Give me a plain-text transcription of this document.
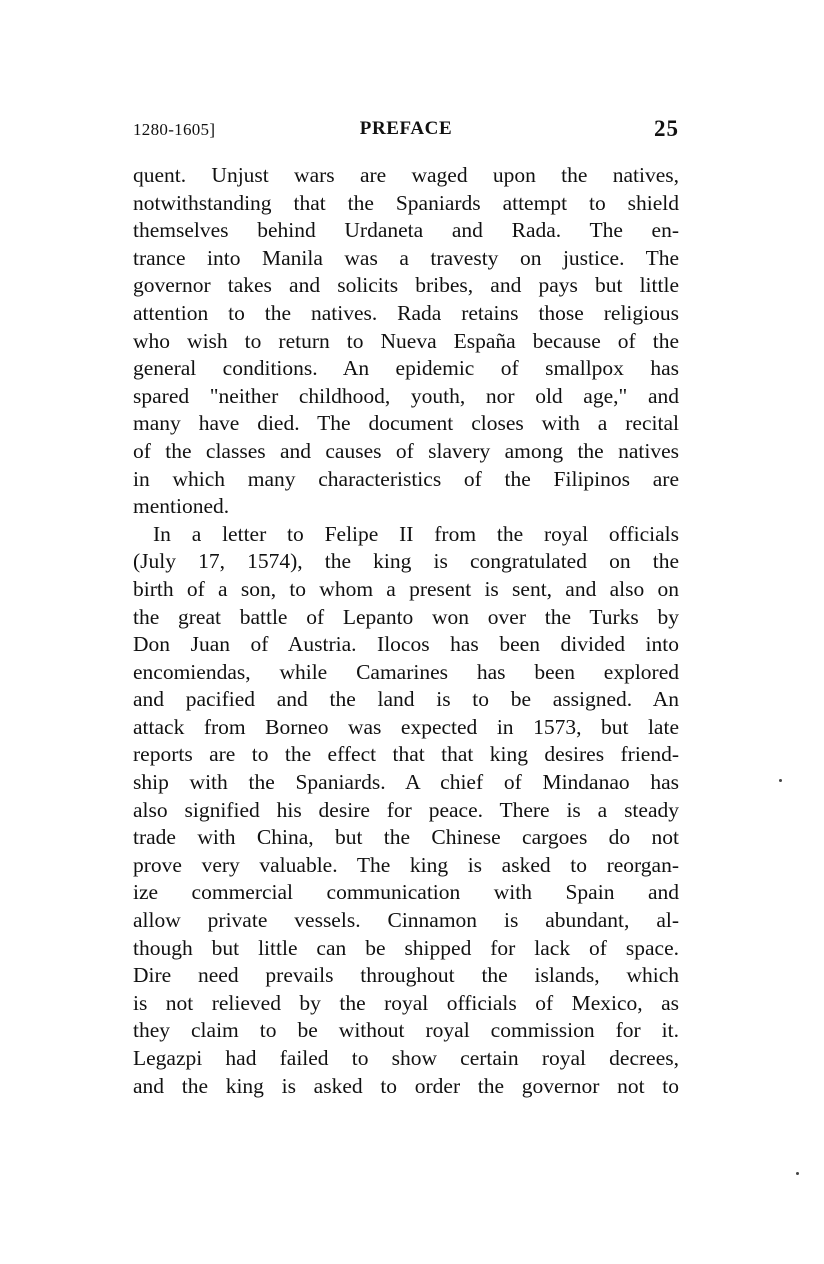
1280-1605]	PREFACE	25
quent. Unjust wars are waged upon the natives,
notwithstanding that the Spaniards attempt to shield
themselves behind Urdaneta and Rada. The en-
trance into Manila was a travesty on justice. The
governor takes and solicits bribes, and pays but little
attention to the natives. Rada retains those religious
who wish to return to Nueva España because of the
general conditions. An epidemic of smallpox has
spared "neither childhood, youth, nor old age," and
many have died. The document closes with a recital
of the classes and causes of slavery among the natives
in which many characteristics of the Filipinos are
mentioned.
In a letter to Felipe II from the royal officials
(July 17, 1574), the king is congratulated on the
birth of a son, to whom a present is sent, and also on
the great battle of Lepanto won over the Turks by
Don Juan of Austria. Ilocos has been divided into
encomiendas, while Camarines has been explored
and pacified and the land is to be assigned. An
attack from Borneo was expected in 1573, but late
reports are to the effect that that king desires friend-
ship with the Spaniards. A chief of Mindanao has
also signified his desire for peace. There is a steady
trade with China, but the Chinese cargoes do not
prove very valuable. The king is asked to reorgan-
ize commercial communication with Spain and
allow private vessels. Cinnamon is abundant, al-
though but little can be shipped for lack of space.
Dire need prevails throughout the islands, which
is not relieved by the royal officials of Mexico, as
they claim to be without royal commission for it.
Legazpi had failed to show certain royal decrees,
and the king is asked to order the governor not to
